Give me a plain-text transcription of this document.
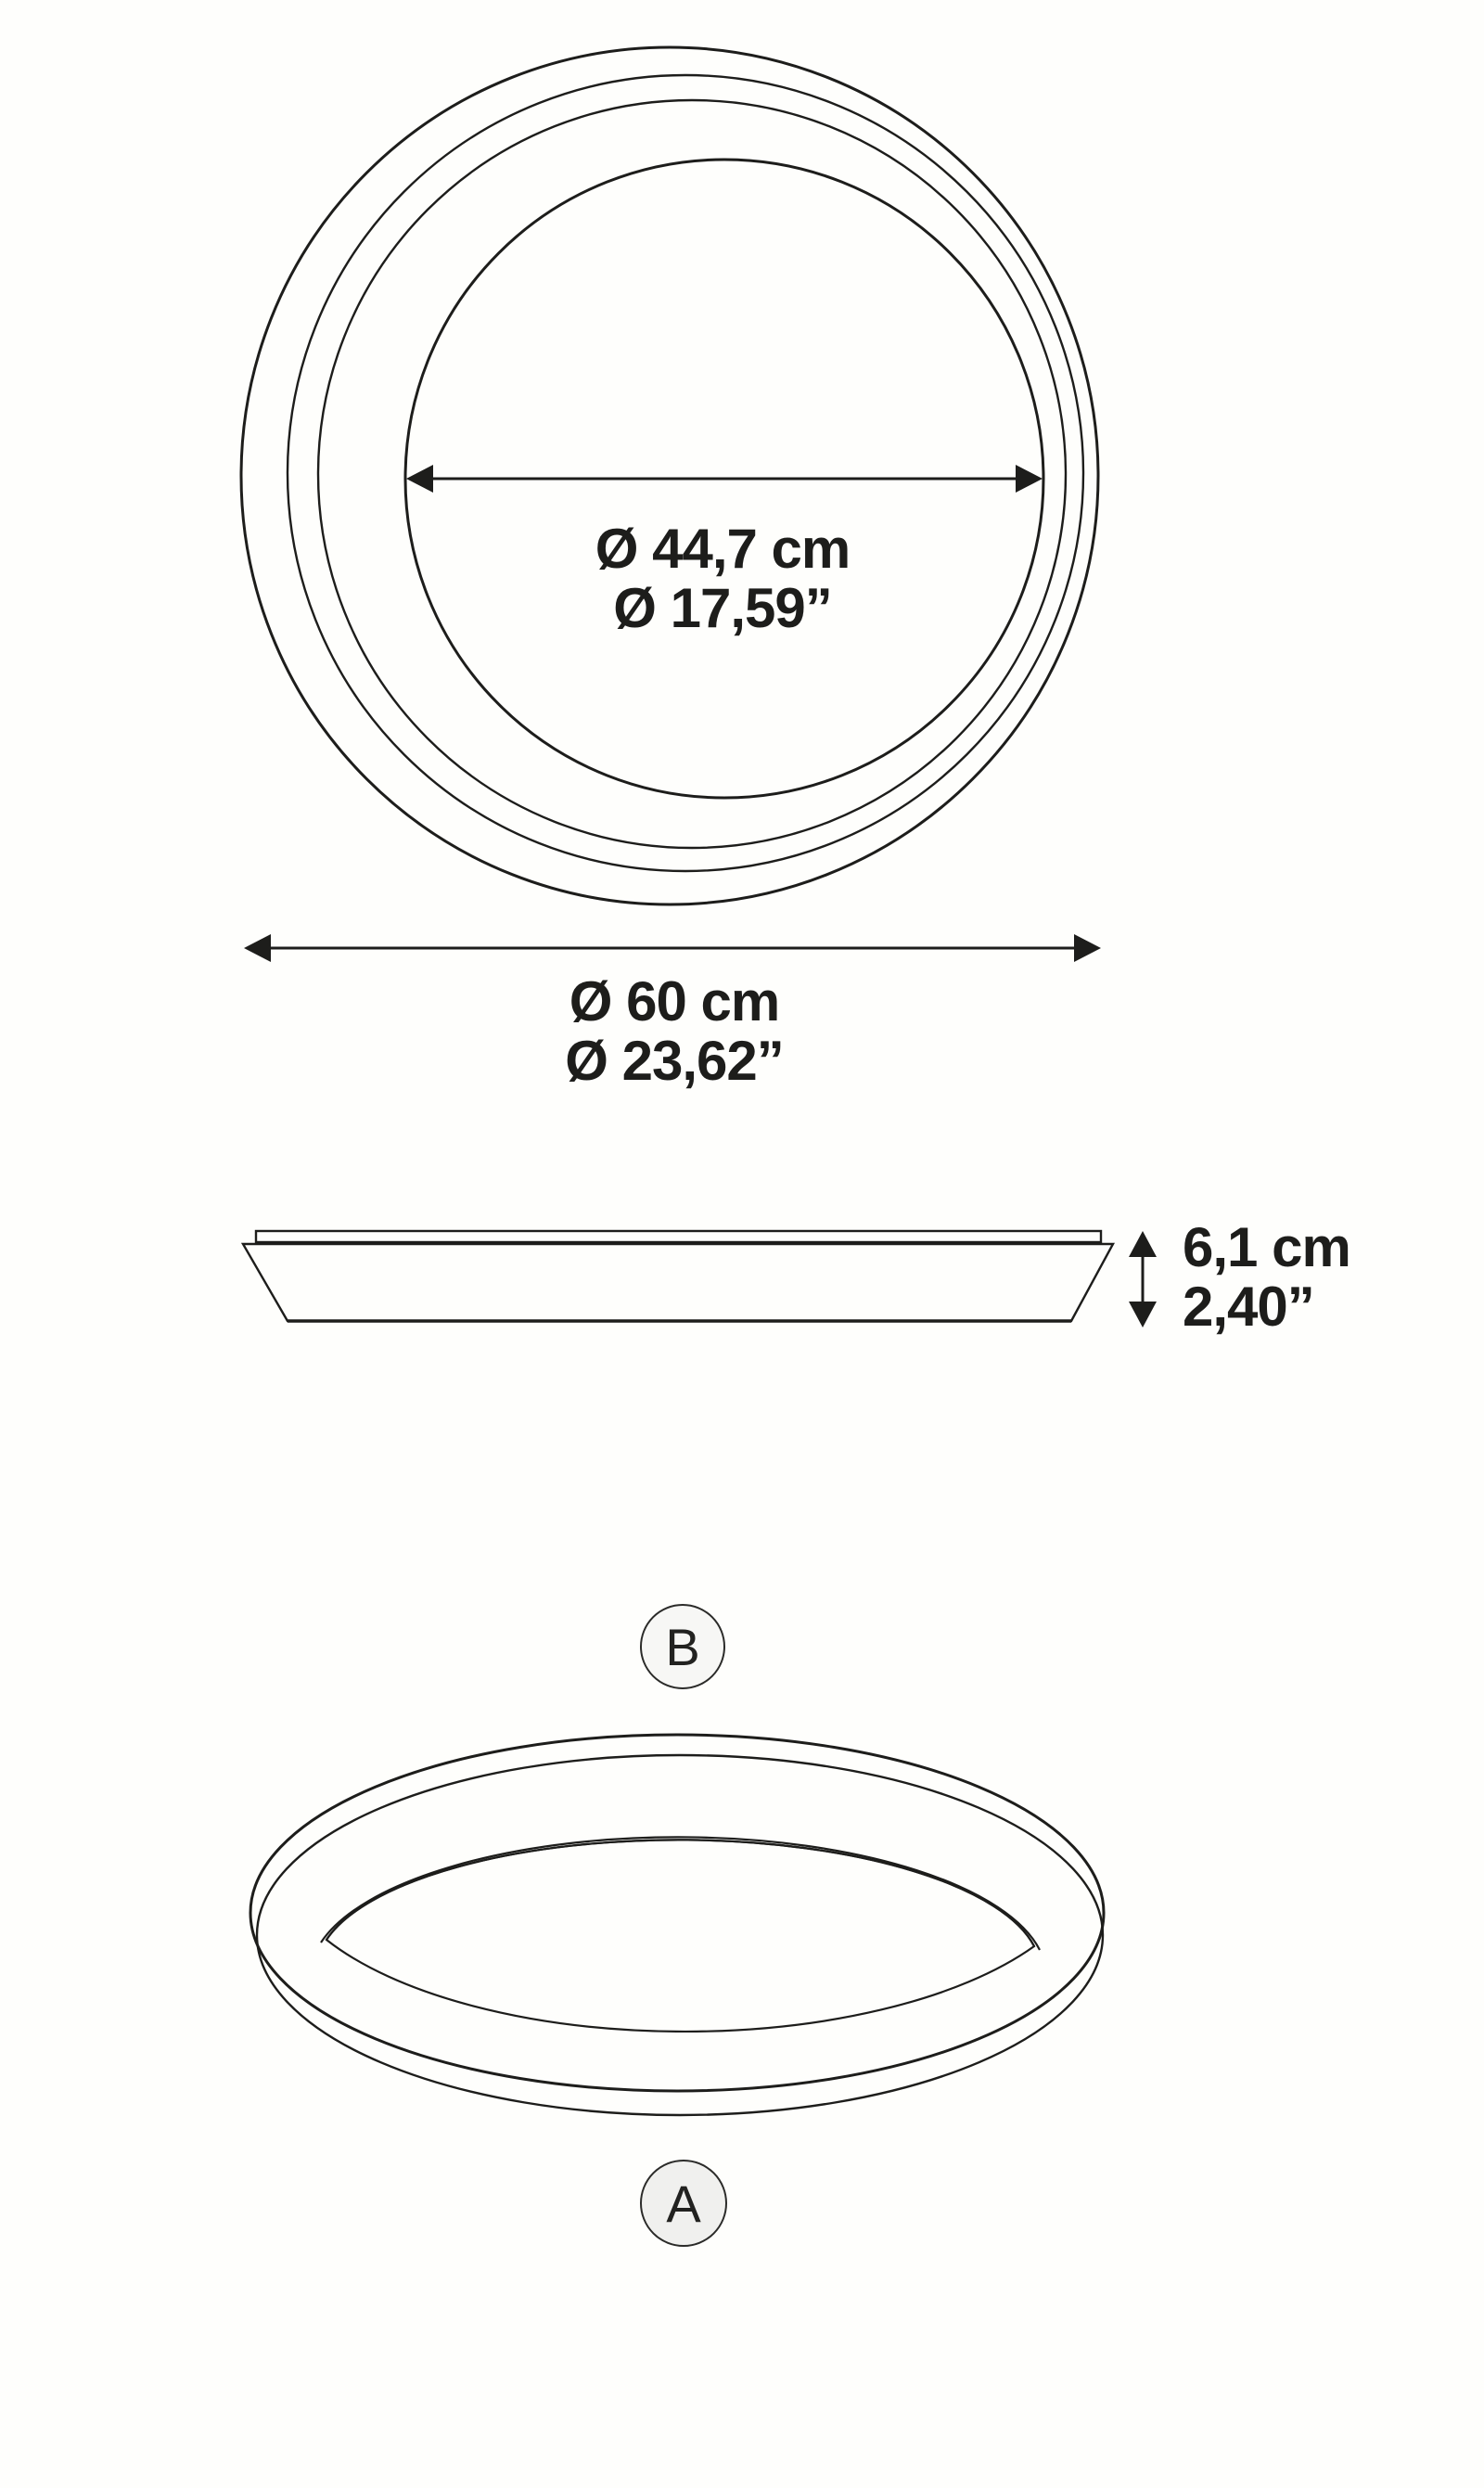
Ø 44,7 cm
Ø 17,59”
Ø 60 cm
Ø 23,62”
6,1 cm
2,40”
B
A
